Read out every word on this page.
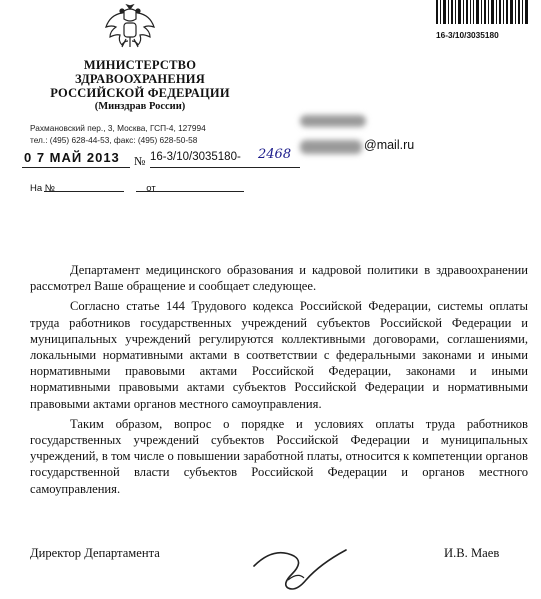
16-3/10/3035180
МИНИСТЕРСТВО
ЗДРАВООХРАНЕНИЯ
РОССИЙСКОЙ ФЕДЕРАЦИИ
(Минздрав России)
Рахмановский пер., 3, Москва, ГСП-4, 127994
тел.: (495) 628-44-53, факс: (495) 628-50-58
0 7 МАЙ 2013 № 16-3/10/3035180- 2468
На №	от
@mail.ru

Департамент медицинского образования и кадровой политики в здравоохранении рассмотрел Ваше обращение и сообщает следующее.

Согласно статье 144 Трудового кодекса Российской Федерации, системы оплаты труда работников государственных учреждений субъектов Российской Федерации и муниципальных учреждений регулируются коллективными договорами, соглашениями, локальными нормативными актами в соответствии с федеральными законами и иными нормативными правовыми актами Российской Федерации, законами и иными нормативными правовыми актами субъектов Российской Федерации и нормативными правовыми актами органов местного самоуправления.

Таким образом, вопрос о порядке и условиях оплаты труда работников государственных учреждений субъектов Российской Федерации и муниципальных учреждений, в том числе о повышении заработной платы, относится к компетенции органов государственной власти субъектов Российской Федерации и органов местного самоуправления.

Директор Департамента	И.В. Маев
